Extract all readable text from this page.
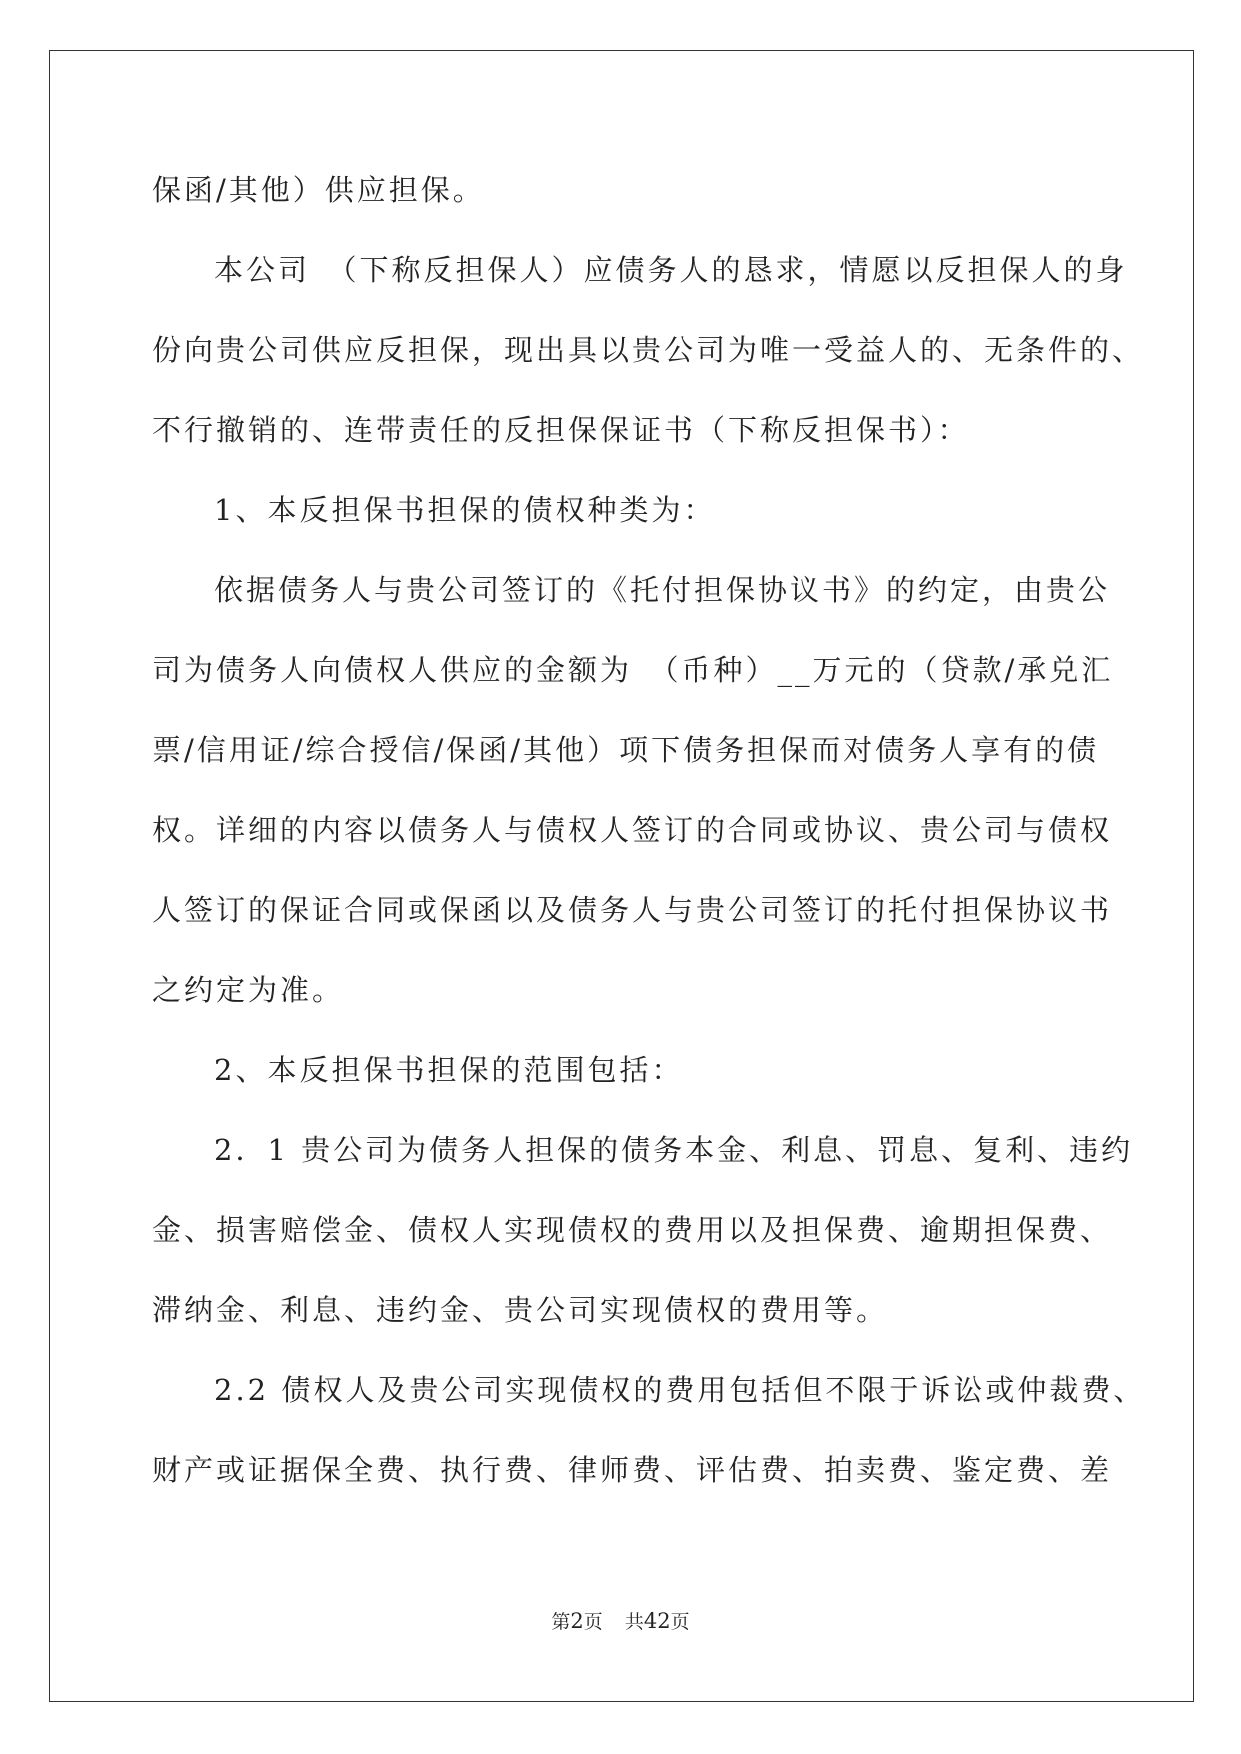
保函/其他）供应担保。
本公司　（下称反担保人）应债务人的恳求，情愿以反担保人的身
份向贵公司供应反担保，现出具以贵公司为唯一受益人的、无条件的、
不行撤销的、连带责任的反担保保证书（下称反担保书）：
1、本反担保书担保的债权种类为：
依据债务人与贵公司签订的《托付担保协议书》的约定，由贵公
司为债务人向债权人供应的金额为　（币种）__万元的（贷款/承兑汇
票/信用证/综合授信/保函/其他）项下债务担保而对债务人享有的债
权。详细的内容以债务人与债权人签订的合同或协议、贵公司与债权
人签订的保证合同或保函以及债务人与贵公司签订的托付担保协议书
之约定为准。
2、本反担保书担保的范围包括：
2．1 贵公司为债务人担保的债务本金、利息、罚息、复利、违约
金、损害赔偿金、债权人实现债权的费用以及担保费、逾期担保费、
滞纳金、利息、违约金、贵公司实现债权的费用等。
2.2 债权人及贵公司实现债权的费用包括但不限于诉讼或仲裁费、
财产或证据保全费、执行费、律师费、评估费、拍卖费、鉴定费、差
第2页 共42页
